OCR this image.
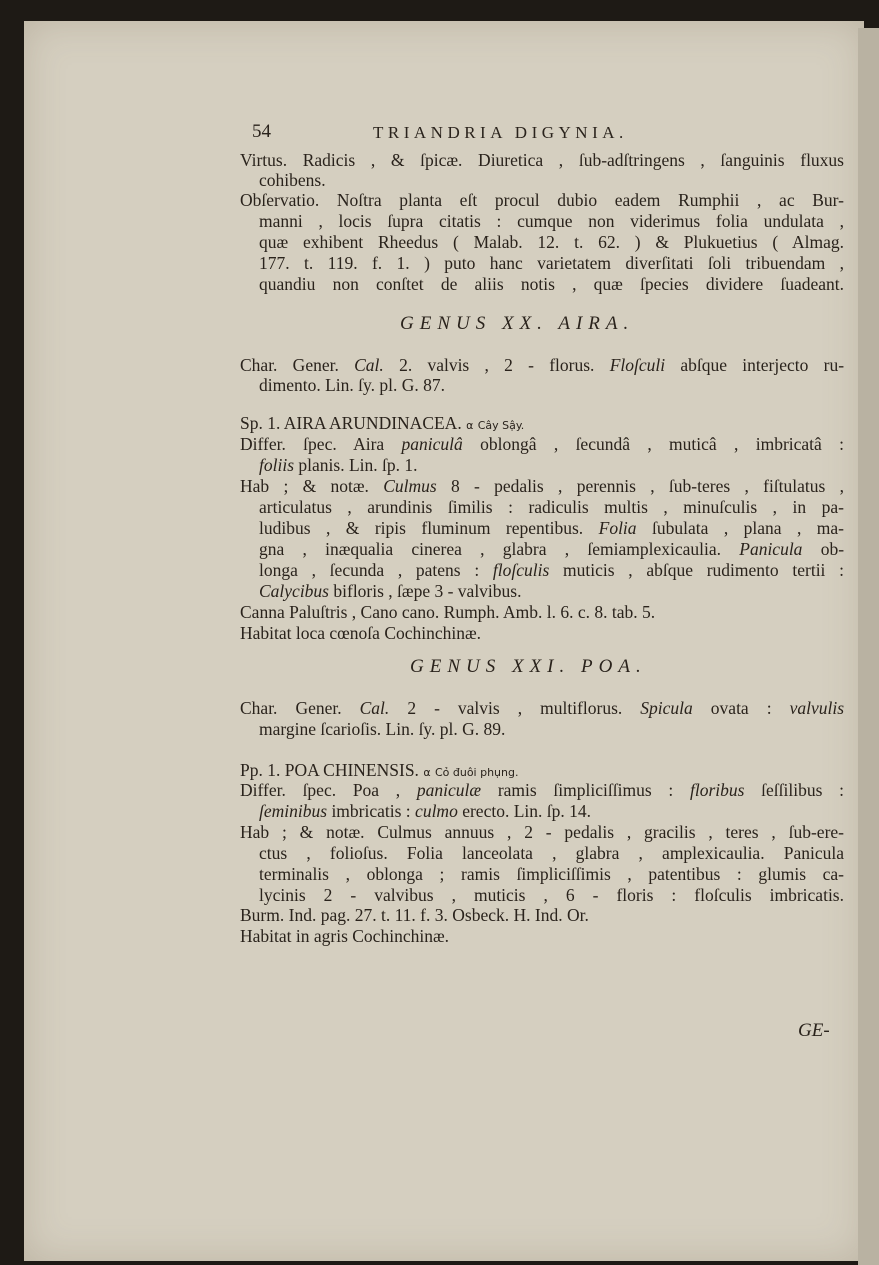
54	TRIANDRIA DIGYNIA.
Virtus. Radicis , & ſpicæ. Diuretica , ſub-adſtringens , ſanguinis fluxus
cohibens.
Obſervatio. Noſtra planta eſt procul dubio eadem Rumphii , ac Bur-
manni , locis ſupra citatis : cumque non viderimus folia undulata ,
quæ exhibent Rheedus ( Malab. 12. t. 62. ) & Plukuetius ( Almag.
177. t. 119. f. 1. ) puto hanc varietatem diverſitati ſoli tribuendam ,
quandiu non conſtet de aliis notis , quæ ſpecies dividere ſuadeant.
GENUS XX. AIRA.
Char. Gener. Cal. 2. valvis , 2 - florus. Floſculi abſque interjecto ru-
dimento. Lin. ſy. pl. G. 87.
Sp. 1. AIRA ARUNDINACEA. α Cây Sậy.
Differ. ſpec. Aira paniculâ oblongâ , ſecundâ , muticâ , imbricatâ :
foliis planis. Lin. ſp. 1.
Hab ; & notæ. Culmus 8 - pedalis , perennis , ſub-teres , fiſtulatus ,
articulatus , arundinis ſimilis : radiculis multis , minuſculis , in pa-
ludibus , & ripis fluminum repentibus. Folia ſubulata , plana , ma-
gna , inæqualia cinerea , glabra , ſemiamplexicaulia. Panicula ob-
longa , ſecunda , patens : floſculis muticis , abſque rudimento tertii :
Calycibus bifloris , ſæpe 3 - valvibus.
Canna Paluſtris , Cano cano. Rumph. Amb. l. 6. c. 8. tab. 5.
Habitat loca cœnoſa Cochinchinæ.
GENUS XXI. POA.
Char. Gener. Cal. 2 - valvis , multiflorus. Spicula ovata : valvulis
margine ſcarioſis. Lin. ſy. pl. G. 89.
Pp. 1. POA CHINENSIS. α Cỏ đuôi phụng.
Differ. ſpec. Poa , paniculæ ramis ſimpliciſſimus : floribus ſeſſilibus :
ſeminibus imbricatis : culmo erecto. Lin. ſp. 14.
Hab ; & notæ. Culmus annuus , 2 - pedalis , gracilis , teres , ſub-ere-
ctus , folioſus. Folia lanceolata , glabra , amplexicaulia. Panicula
terminalis , oblonga ; ramis ſimpliciſſimis , patentibus : glumis ca-
lycinis 2 - valvibus , muticis , 6 - floris : floſculis imbricatis.
Burm. Ind. pag. 27. t. 11. f. 3. Osbeck. H. Ind. Or.
Habitat in agris Cochinchinæ.
GE-
